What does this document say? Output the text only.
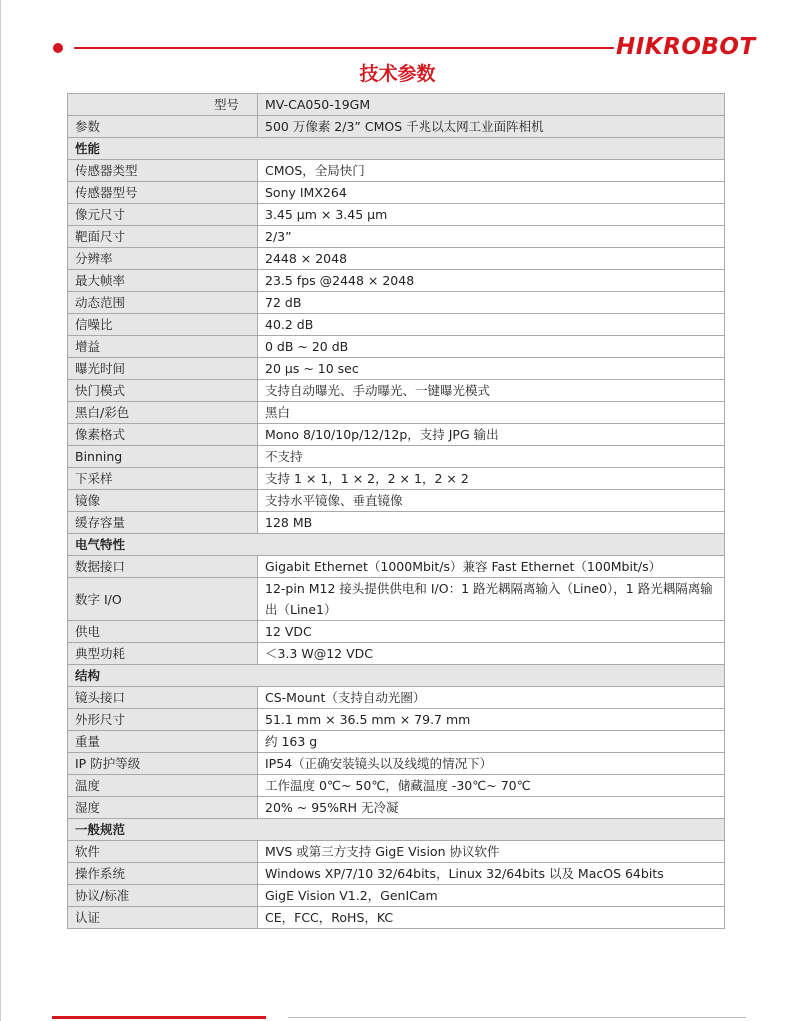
HIKROBOT
技术参数
型号	MV-CA050-19GM
参数	500 万像素 2/3” CMOS 千兆以太网工业面阵相机
性能	
传感器类型	CMOS，全局快门
传感器型号	Sony IMX264
像元尺寸	3.45 µm × 3.45 µm
靶面尺寸	2/3”
分辨率	2448 × 2048
最大帧率	23.5 fps @2448 × 2048
动态范围	72 dB
信噪比	40.2 dB
增益	0 dB ~ 20 dB
曝光时间	20 µs ~ 10 sec
快门模式	支持自动曝光、手动曝光、一键曝光模式
黑白/彩色	黑白
像素格式	Mono 8/10/10p/12/12p，支持 JPG 输出
Binning	不支持
下采样	支持 1 × 1，1 × 2，2 × 1，2 × 2
镜像	支持水平镜像、垂直镜像
缓存容量	128 MB
电气特性	
数据接口	Gigabit Ethernet（1000Mbit/s）兼容 Fast Ethernet（100Mbit/s）
数字 I/O	12-pin M12 接头提供供电和 I/O：1 路光耦隔离输入（Line0），1 路光耦隔离输出（Line1）
供电	12 VDC
典型功耗	＜3.3 W@12 VDC
结构	
镜头接口	CS-Mount（支持自动光圈）
外形尺寸	51.1 mm × 36.5 mm × 79.7 mm
重量	约 163 g
IP 防护等级	IP54（正确安装镜头以及线缆的情况下）
温度	工作温度 0℃~ 50℃，储藏温度 -30℃~ 70℃
湿度	20% ~ 95%RH 无冷凝
一般规范	
软件	MVS 或第三方支持 GigE Vision 协议软件
操作系统	Windows XP/7/10 32/64bits，Linux 32/64bits 以及 MacOS 64bits
协议/标准	GigE Vision V1.2，GenICam
认证	CE，FCC，RoHS，KC
